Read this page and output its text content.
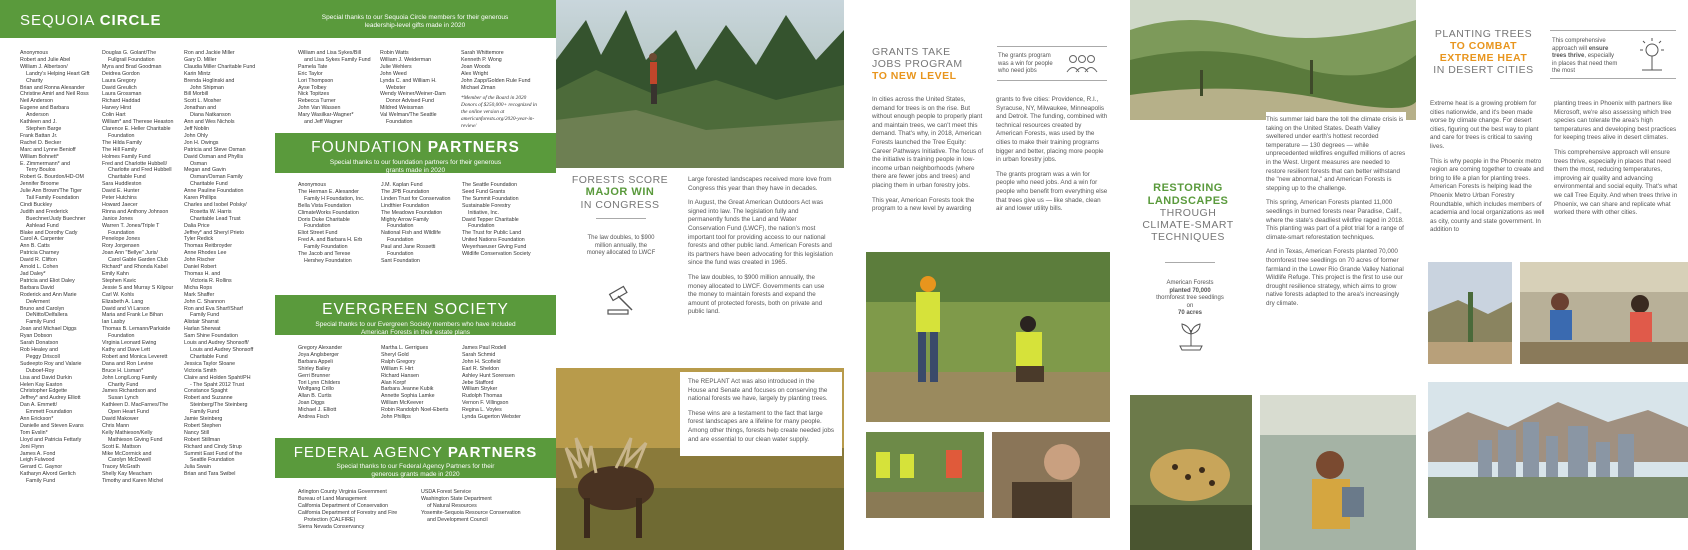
SEQUOIA CIRCLE	Special thanks to our Sequoia Circle members for their generous leadership-level gifts made in 2020

Anonymous
Robert and Julie Abel
William J. Albertson/
Landry's Helping Heart Gift
Charity
Brian and Ronna Alexander
Christine Amirl and Neil Ross
Neil Anderson
Eugene and Barbara
Anderson
Kathleen and J.
Stephen Barge
Frank Battan Jr.
Rachel D. Becker
Marc and Lynne Benioff
William Bohnett*
E. Zimmermann* and
Terry Boulos
Robert G. Bourdon/HD-OM
Jennifer Broome
Julie Ann Brown/The Tiger
Tail Family Foundation
Cindi Buckley
Judith and Frederick
Buechner/Judy Buechner
Ashlead Fund
Blake and Dorothy Cady
Carol A. Carpenter
Ann B. Catts
Patricia Charney
David R. Clifton
Arnold L. Cohen
Jad Daley*
Patricia and Eliot Daley
Barbara David
Roderick and Ann Marie
DeArment
Bruno and Carolyn
DeNitto/Delfallera
Family Fund
Joan and Michael Diggs
Ryan Dobson
Sarah Donatson
Rob Healey and
Peggy Driscoll
Sudeepto Roy and Valarie
Duboef-Roy
Lisa and David Durkin
Helen Kay Easton
Christopher Edgette
Jeffrey* and Audrey Elliott
Dan A. Emmett/
Emmett Foundation
Ann Erickson*
Danielle and Steven Evans
Tom Evslin*
Lloyd and Patricia Fettarly
Joni Flynn
James A. Fond
Leigh Fulwood
Gerard C. Gaynor
Katharyn Alvord Gerlich
Family Fund
Douglas G. Golant/The
Fullgrail Foundation
Myra and Brad Goodman
Deidrea Gordon
Laura Gregory
David Greulich
Laura Grossman
Richard Haddad
Harvey Hirst
Colin Hart
William* and Therese Heaston
Clarence E. Heller Charitable
Foundation
The Hilda Family
The Hill Family
Holmes Family Fund
Fred and Charlotte Hubbell/
Charlotte and Fred Hubbell
Charitable Fund
Sara Huddleston
David E. Hunter
Peter Hutchins
Howard Jaecer
Rinna and Anthony Johnson
Janice Jones
Warren T. Jones/Triple T
Foundation
Penelope Jones
Rory Jorgensen
Joan Ann "Bellye" Juris/
Carol Gable Garden Club
Richard* and Rhonda Kabel
Emily Kahn
Stephen Kavic
Jessie S and Murray S Kilgour
Carl W. Kohls
Elizabeth A. Lang
David and Vi Larson
Maria and Frank Le Bihan
Ian Lasby
Thomas B. Lemann/Parkside
Foundation
Virginia Leonard Ewing
Kathy and Dave Lett
Robert and Monica Leverett
Dana and Ron Levine
Bruce H. Lisman*
John Long/Long Family
Charity Fund
James Richardson and
Susan Lynch
Kathleen D. MacFarnes/The
Open Heart Fund
David Makower
Chris Mann
Kelly Mathieson/Kelly
Mathieson Giving Fund
Scott E. Mattson
Mike McCormick and
Carolyn McDowell
Tracey McGrath
Shelly Kay Meacham
Timothy and Karen Michel
Ron and Jackie Miller
Gary D. Miller
Claudia Miller Charitable Fund
Karin Mintz
Brenda Hoglinski and
John Shipman
Bill Morbill
Scott L. Mosher
Jonathan and
Diana Natkanson
Ann and Wes Nichols
Jeff Noblin
John Ohly
Jon H. Owings
Patricia and Steve Osman
David Osman and Phyllis
Osman
Megan and Gavin
Osman/Osman Family
Charitable Fund
Anne Pauline Foundation
Karen Phillips
Charles and Isobel Polsky/
Rosetta W. Harris
Charitable Lead Trust
Dalia Price
Jeffrey* and Sheryl Prieto
Tyler Redick
Thomas Reitbroyder
Anne Rhodes Lee
John Rischer
Daniel Robert
Thomas H. and
Victoria R. Rollins
Micha Rops
Mark Shaffer
John C. Shannon
Ron and Eva Sharf/Sharf
Family Fund
Alistair Sharrat
Harlan Sherwat
Sam Shine Foundation
Louis and Audrey Shonsoff/
Louis and Audrey Shonsoff
Charitable Fund
Jessica Taylor Sloane
Victoria Smith
Claire and Holden Spaht/PH
- The Spaht 2012 Trust
Constance Spaght
Robert and Suzanne
Steinberg/The Steinberg
Family Fund
Jamie Steinberg
Robert Stephen
Nancy Still
Robert Stillman
Richard and Cindy Strup
Summit East Fund of the
Seattle Foundation
Julia Swain
Brian and Tara Swibel
William and Lisa Sykes/Bill
and Lisa Sykes Family Fund
Pamela Tate
Eric Taylor
Lori Thompson
Ayse Tolbey
Nick Topitzes
Rebecca Turner
John Van Wassen
Mary Wasilkar-Wagner*
and Jeff Wagner
Robin Watts
William J. Weiderman
Julie Wehlers
John Weed
Lynda C. and William H.
Webster
Wendy Weiner/Weiner-Dam
Donor Advised Fund
Mildred Weissman
Val Welman/The Seattle
Foundation
Sarah Whittemore
Kenneth P. Wong
Joan Woods
Alex Wright
John Zapp/Golden Rule Fund
Michael Ziman
*Member of the Board in 2020 Donors of $250,000+ recognized in the online version at americanforests.org/2020-year-in-review/
FOUNDATION PARTNERS

Special thanks to our foundation partners for their generous grants made in 2020

Anonymous
The Herman E. Alexander
Family H Foundation, Inc.
Bella Vista Foundation
ClimateWorks Foundation
Doris Duke Charitable
Foundation
Eliot Street Fund
Fred A. and Barbara H. Erb
Family Foundation
The Jacob and Terese
Hershey Foundation
J.M. Kaplan Fund
The JPB Foundation
Linden Trust for Conservation
Lindthier Foundation
The Meadows Foundation
Mighty Arrow Family
Foundation
National Fish and Wildlife
Foundation
Paul and Jane Rossetti
Foundation
Sant Foundation
The Seattle Foundation
Seed Fund Grants
The Summit Foundation
Sustainable Forestry
Initiative, Inc.
David Tepper Charitable
Foundation
The Trust for Public Land
United Nations Foundation
Weyerhaeuser Giving Fund
Wildlife Conservation Society
EVERGREEN SOCIETY

Special thanks to our Evergreen Society members who have included American Forests in their estate plans

Gregory Alexander
Joya Anglsberger
Barbara Appeli
Shirley Bailey
Gerri Brunner
Tori Lynn Childers
Wolfgang Crillo
Allan B. Curtis
Joan Diggs
Michael J. Elliott
Andrea Fisch
Martha L. Gerrigues
Sheryl Gold
Ralph Gregory
William F. Hirt
Richard Hansen
Alan Korpf
Barbara Jeanne Kubik
Annette Sophia Lamke
William McKeever
Robin Randolph Noel-Eberts
John Phillips
James Paul Rodell
Sarah Schmid
John H. Scofield
Earl R. Sheldon
Ashley Hunt Sorensen
Jebe Stafford
William Stryker
Rudolph Thomas
Vernon F. Villingson
Regina L. Voyles
Lynda Gugerton Webster
FEDERAL AGENCY PARTNERS

Special thanks to our Federal Agency Partners for their generous grants made in 2020

Arlington County Virginia Government
Bureau of Land Management
California Department of Conservation
California Department of Forestry and Fire
Protection (CALFIRE)
Sierra Nevada Conservancy
USDA Forest Service
Washington State Department
of Natural Resources
Yosemite-Sequoia Resource Conservation
and Development Council
FORESTS SCORE
MAJOR WIN
IN CONGRESS
The law doubles, to $900 million annually, the money allocated to LWCF

Large forested landscapes received more love from Congress this year than they have in decades.

In August, the Great American Outdoors Act was signed into law. The legislation fully and permanently funds the Land and Water Conservation Fund (LWCF), the nation's most important tool for providing access to our national forests and other public land. American Forests and its partners have been advocating for this legislation since the fund was created in 1965.

The law doubles, to $900 million annually, the money allocated to LWCF. Governments can use the money to maintain forests and expand the amount of protected forests, both on private and public land.

The REPLANT Act was also introduced in the House and Senate and focuses on conserving the national forests we have, largely by planting trees.

These wins are a testament to the fact that large forest landscapes are a lifeline for many people. Among other things, forests help create needed jobs and are essential to our clean water supply.

GRANTS TAKE
JOBS PROGRAM
TO NEW LEVEL
The grants program was a win for people who need jobs

In cities across the United States, demand for trees is on the rise. But without enough people to properly plant and maintain trees, we can't meet this demand. That's why, in 2018, American Forests launched the Tree Equity: Career Pathways Initiative. The focus of the initiative is training people in low-income urban neighborhoods (where there are fewer jobs and trees) and placing them in urban forestry jobs.

This year, American Forests took the program to a new level by awarding

grants to five cities: Providence, R.I., Syracuse, NY, Milwaukee, Minneapolis and Detroit. The funding, combined with technical resources created by American Forests, was used by the cities to make their training programs bigger and better, placing more people in urban forestry jobs.

The grants program was a win for people who need jobs. And a win for people who benefit from everything else that trees give us — like shade, clean air and lower utility bills.

RESTORING
LANDSCAPES
THROUGH
CLIMATE-SMART
TECHNIQUES
American Forests
planted 70,000
thornforest tree seedlings on
70 acres

This summer laid bare the toll the climate crisis is taking on the United States. Death Valley sweltered under earth's hottest recorded temperature — 130 degrees — while unprecedented wildfires engulfed millions of acres in the West. Urgent measures are needed to restore resilient forests that can better withstand the "new abnormal," and American Forests is stepping up to the challenge.

This spring, American Forests planted 11,000 seedlings in burned forests near Paradise, Calif., where the state's deadliest wildfire raged in 2018. This planting was part of a pilot trial for a range of climate-smart reforestation techniques.

And in Texas, American Forests planted 70,000 thornforest tree seedlings on 70 acres of former farmland in the Lower Rio Grande Valley National Wildlife Refuge. This project is the first to use our drought resilience strategy, which aims to grow native forests adapted to the area's increasingly dry climate.

PLANTING TREES
TO COMBAT
EXTREME HEAT
IN DESERT CITIES
This comprehensive approach will ensure trees thrive, especially in places that need them the most

Extreme heat is a growing problem for cities nationwide, and it's been made worse by climate change. For desert cities, figuring out the best way to plant and care for trees is critical to saving lives.

This is why people in the Phoenix metro region are coming together to create and bring to life a plan for planting trees. American Forests is helping lead the Phoenix Metro Urban Forestry Roundtable, which includes members of academia and local organizations as well as city, county and state government. In addition to

planting trees in Phoenix with partners like Microsoft, we're also assessing which tree species can tolerate the area's high temperatures and developing best practices for keeping trees alive in desert climates.

This comprehensive approach will ensure trees thrive, especially in places that need them the most, reducing temperatures, improving air quality and advancing environmental and social equity. That's what we call Tree Equity. And when trees thrive in Phoenix, we can share and replicate what worked there with other cities.
